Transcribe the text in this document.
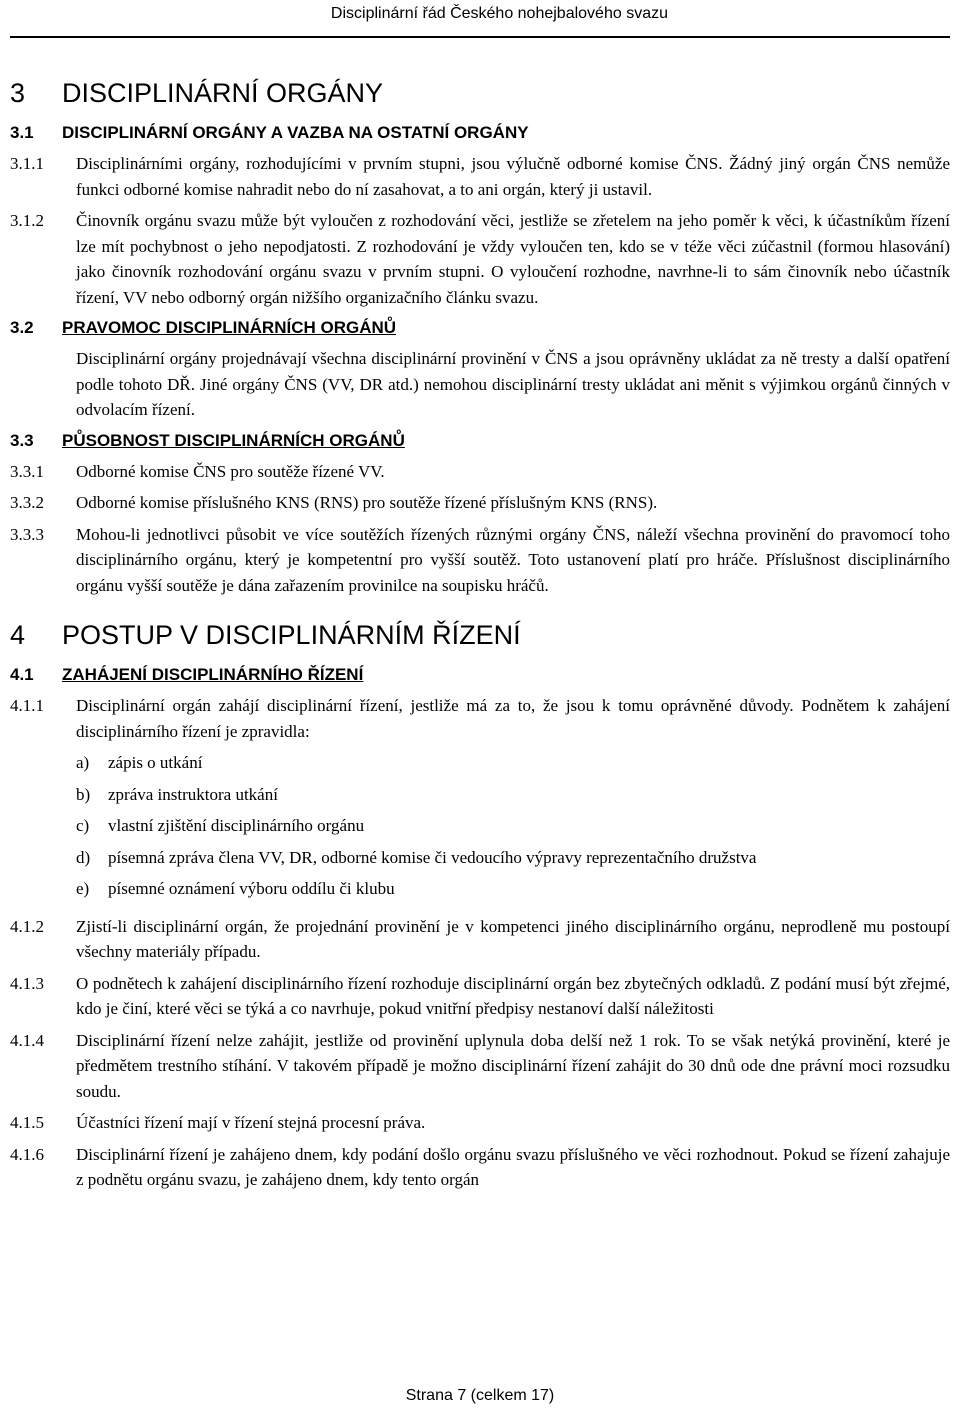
Disciplinární řád Českého nohejbalového svazu
3 DISCIPLINÁRNÍ ORGÁNY
3.1 DISCIPLINÁRNÍ ORGÁNY A VAZBA NA OSTATNÍ ORGÁNY
3.1.1	Disciplinárními orgány, rozhodujícími v prvním stupni, jsou výlučně odborné komise ČNS. Žádný jiný orgán ČNS nemůže funkci odborné komise nahradit nebo do ní zasahovat, a to ani orgán, který ji ustavil.
3.1.2	Činovník orgánu svazu může být vyloučen z rozhodování věci, jestliže se zřetelem na jeho poměr k věci, k účastníkům řízení lze mít pochybnost o jeho nepodjatosti. Z rozhodování je vždy vyloučen ten, kdo se v téže věci zúčastnil (formou hlasování) jako činovník rozhodování orgánu svazu v prvním stupni. O vyloučení rozhodne, navrhne-li to sám činovník nebo účastník řízení, VV nebo odborný orgán nižšího organizačního článku svazu.
3.2 PRAVOMOC DISCIPLINÁRNÍCH ORGÁNŮ
Disciplinární orgány projednávají všechna disciplinární provinění v ČNS a jsou oprávněny ukládat za ně tresty a další opatření podle tohoto DŘ. Jiné orgány ČNS (VV, DR atd.) nemohou disciplinární tresty ukládat ani měnit s výjimkou orgánů činných v odvolacím řízení.
3.3 PŮSOBNOST DISCIPLINÁRNÍCH ORGÁNŮ
3.3.1	Odborné komise ČNS pro soutěže řízené VV.
3.3.2	Odborné komise příslušného KNS (RNS) pro soutěže řízené příslušným KNS (RNS).
3.3.3	Mohou-li jednotlivci působit ve více soutěžích řízených různými orgány ČNS, náleží všechna provinění do pravomocí toho disciplinárního orgánu, který je kompetentní pro vyšší soutěž. Toto ustanovení platí pro hráče. Příslušnost disciplinárního orgánu vyšší soutěže je dána zařazením provinilce na soupisku hráčů.
4 POSTUP V DISCIPLINÁRNÍM ŘÍZENÍ
4.1 ZAHÁJENÍ DISCIPLINÁRNÍHO ŘÍZENÍ
4.1.1	Disciplinární orgán zahájí disciplinární řízení, jestliže má za to, že jsou k tomu oprávněné důvody. Podnětem k zahájení disciplinárního řízení je zpravidla:
a)	zápis o utkání
b)	zpráva instruktora utkání
c)	vlastní zjištění disciplinárního orgánu
d)	písemná zpráva člena VV, DR, odborné komise či vedoucího výpravy reprezentačního družstva
e)	písemné oznámení výboru oddílu či klubu
4.1.2	Zjistí-li disciplinární orgán, že projednání provinění je v kompetenci jiného disciplinárního orgánu, neprodleně mu postoupí všechny materiály případu.
4.1.3	O podnětech k zahájení disciplinárního řízení rozhoduje disciplinární orgán bez zbytečných odkladů. Z podání musí být zřejmé, kdo je činí, které věci se týká a co navrhuje, pokud vnitřní předpisy nestanoví další náležitosti
4.1.4	Disciplinární řízení nelze zahájit, jestliže od provinění uplynula doba delší než 1 rok. To se však netýká provinění, které je předmětem trestního stíhání. V takovém případě je možno disciplinární řízení zahájit do 30 dnů ode dne právní moci rozsudku soudu.
4.1.5	Účastníci řízení mají v řízení stejná procesní práva.
4.1.6	Disciplinární řízení je zahájeno dnem, kdy podání došlo orgánu svazu příslušného ve věci rozhodnout. Pokud se řízení zahajuje z podnětu orgánu svazu, je zahájeno dnem, kdy tento orgán
Strana 7 (celkem 17)
